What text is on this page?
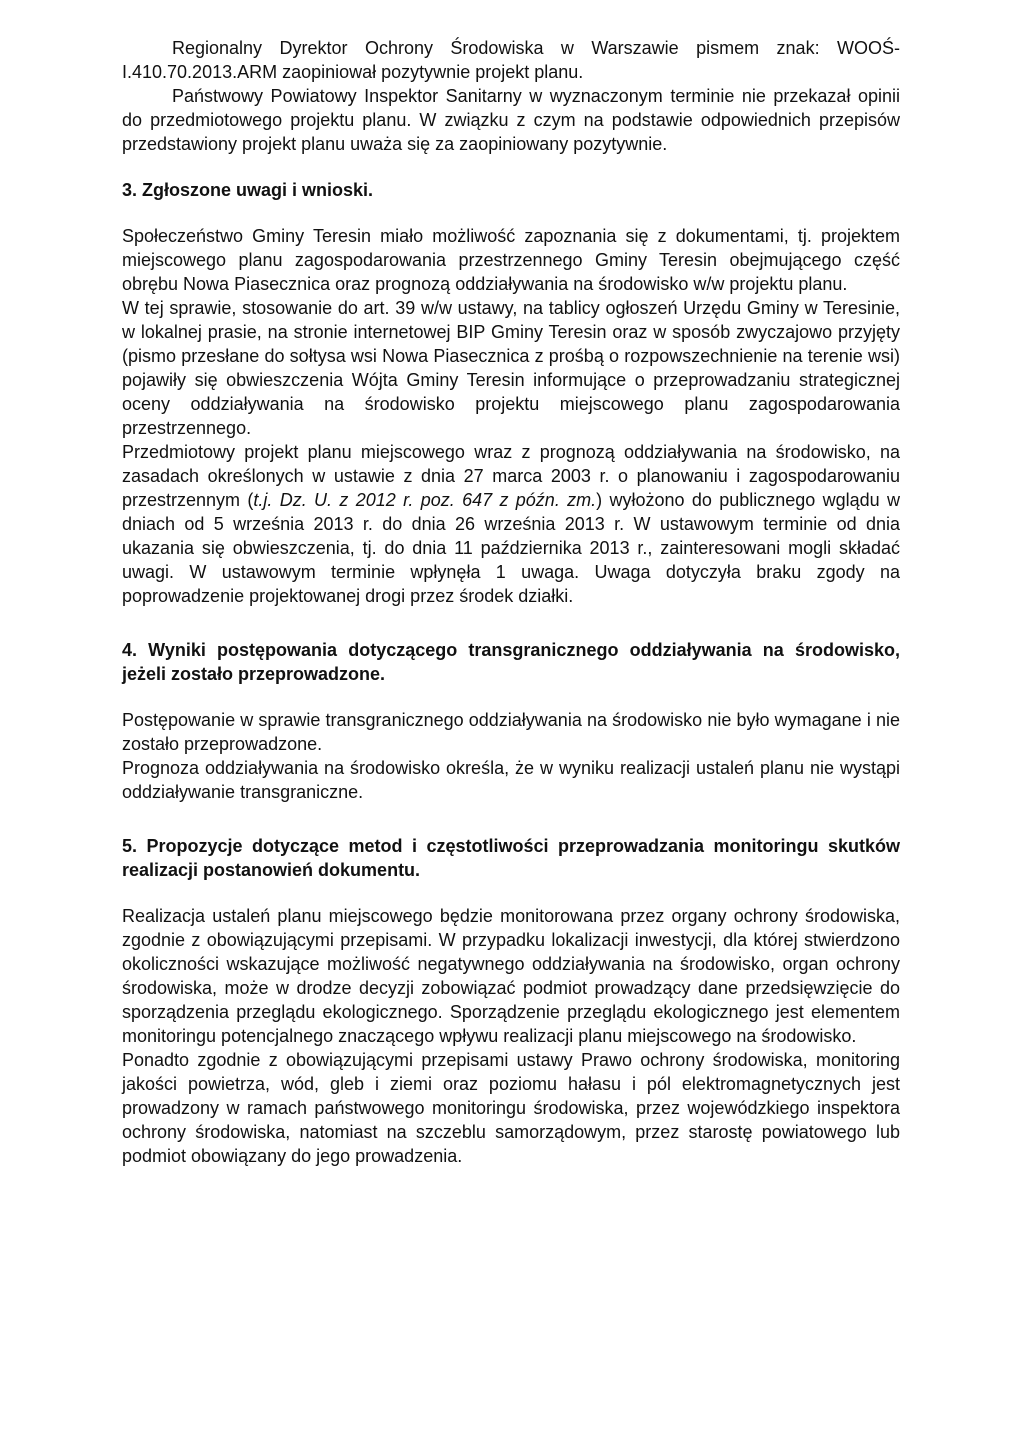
Regionalny Dyrektor Ochrony Środowiska w Warszawie pismem znak: WOOŚ-I.410.70.2013.ARM zaopiniował pozytywnie projekt planu.

Państwowy Powiatowy Inspektor Sanitarny w wyznaczonym terminie nie przekazał opinii do przedmiotowego projektu planu. W związku z czym na podstawie odpowiednich przepisów przedstawiony projekt planu uważa się za zaopiniowany pozytywnie.

3. Zgłoszone uwagi i wnioski.

Społeczeństwo Gminy Teresin miało możliwość zapoznania się z dokumentami, tj. projektem miejscowego planu zagospodarowania przestrzennego Gminy Teresin obejmującego część obrębu Nowa Piasecznica oraz prognozą oddziaływania na środowisko w/w projektu planu.

W tej sprawie, stosowanie do art. 39 w/w ustawy, na tablicy ogłoszeń Urzędu Gminy w Teresinie, w lokalnej prasie, na stronie internetowej BIP Gminy Teresin oraz w sposób zwyczajowo przyjęty (pismo przesłane do sołtysa wsi Nowa Piasecznica z prośbą o rozpowszechnienie na terenie wsi) pojawiły się obwieszczenia Wójta Gminy Teresin informujące o przeprowadzaniu strategicznej oceny oddziaływania na środowisko projektu miejscowego planu zagospodarowania przestrzennego.

Przedmiotowy projekt planu miejscowego wraz z prognozą oddziaływania na środowisko, na zasadach określonych w ustawie z dnia 27 marca 2003 r. o planowaniu i zagospodarowaniu przestrzennym (t.j. Dz. U. z 2012 r. poz. 647 z późn. zm.) wyłożono do publicznego wglądu w dniach od 5 września 2013 r. do dnia 26 września 2013 r. W ustawowym terminie od dnia ukazania się obwieszczenia, tj. do dnia 11 października 2013 r., zainteresowani mogli składać uwagi. W ustawowym terminie wpłynęła 1 uwaga. Uwaga dotyczyła braku zgody na poprowadzenie projektowanej drogi przez środek działki.

4. Wyniki postępowania dotyczącego transgranicznego oddziaływania na środowisko, jeżeli zostało przeprowadzone.

Postępowanie w sprawie transgranicznego oddziaływania na środowisko nie było wymagane i nie zostało przeprowadzone.

Prognoza oddziaływania na środowisko określa, że w wyniku realizacji ustaleń planu nie wystąpi oddziaływanie transgraniczne.

5. Propozycje dotyczące metod i częstotliwości przeprowadzania monitoringu skutków realizacji postanowień dokumentu.

Realizacja ustaleń planu miejscowego będzie monitorowana przez organy ochrony środowiska, zgodnie z obowiązującymi przepisami. W przypadku lokalizacji inwestycji, dla której stwierdzono okoliczności wskazujące możliwość negatywnego oddziaływania na środowisko, organ ochrony środowiska, może w drodze decyzji zobowiązać podmiot prowadzący dane przedsięwzięcie do sporządzenia przeglądu ekologicznego. Sporządzenie przeglądu ekologicznego jest elementem monitoringu potencjalnego znaczącego wpływu realizacji planu miejscowego na środowisko.

Ponadto zgodnie z obowiązującymi przepisami ustawy Prawo ochrony środowiska, monitoring jakości powietrza, wód, gleb i ziemi oraz poziomu hałasu i pól elektromagnetycznych jest prowadzony w ramach państwowego monitoringu środowiska, przez wojewódzkiego inspektora ochrony środowiska, natomiast na szczeblu samorządowym, przez starostę powiatowego lub podmiot obowiązany do jego prowadzenia.
